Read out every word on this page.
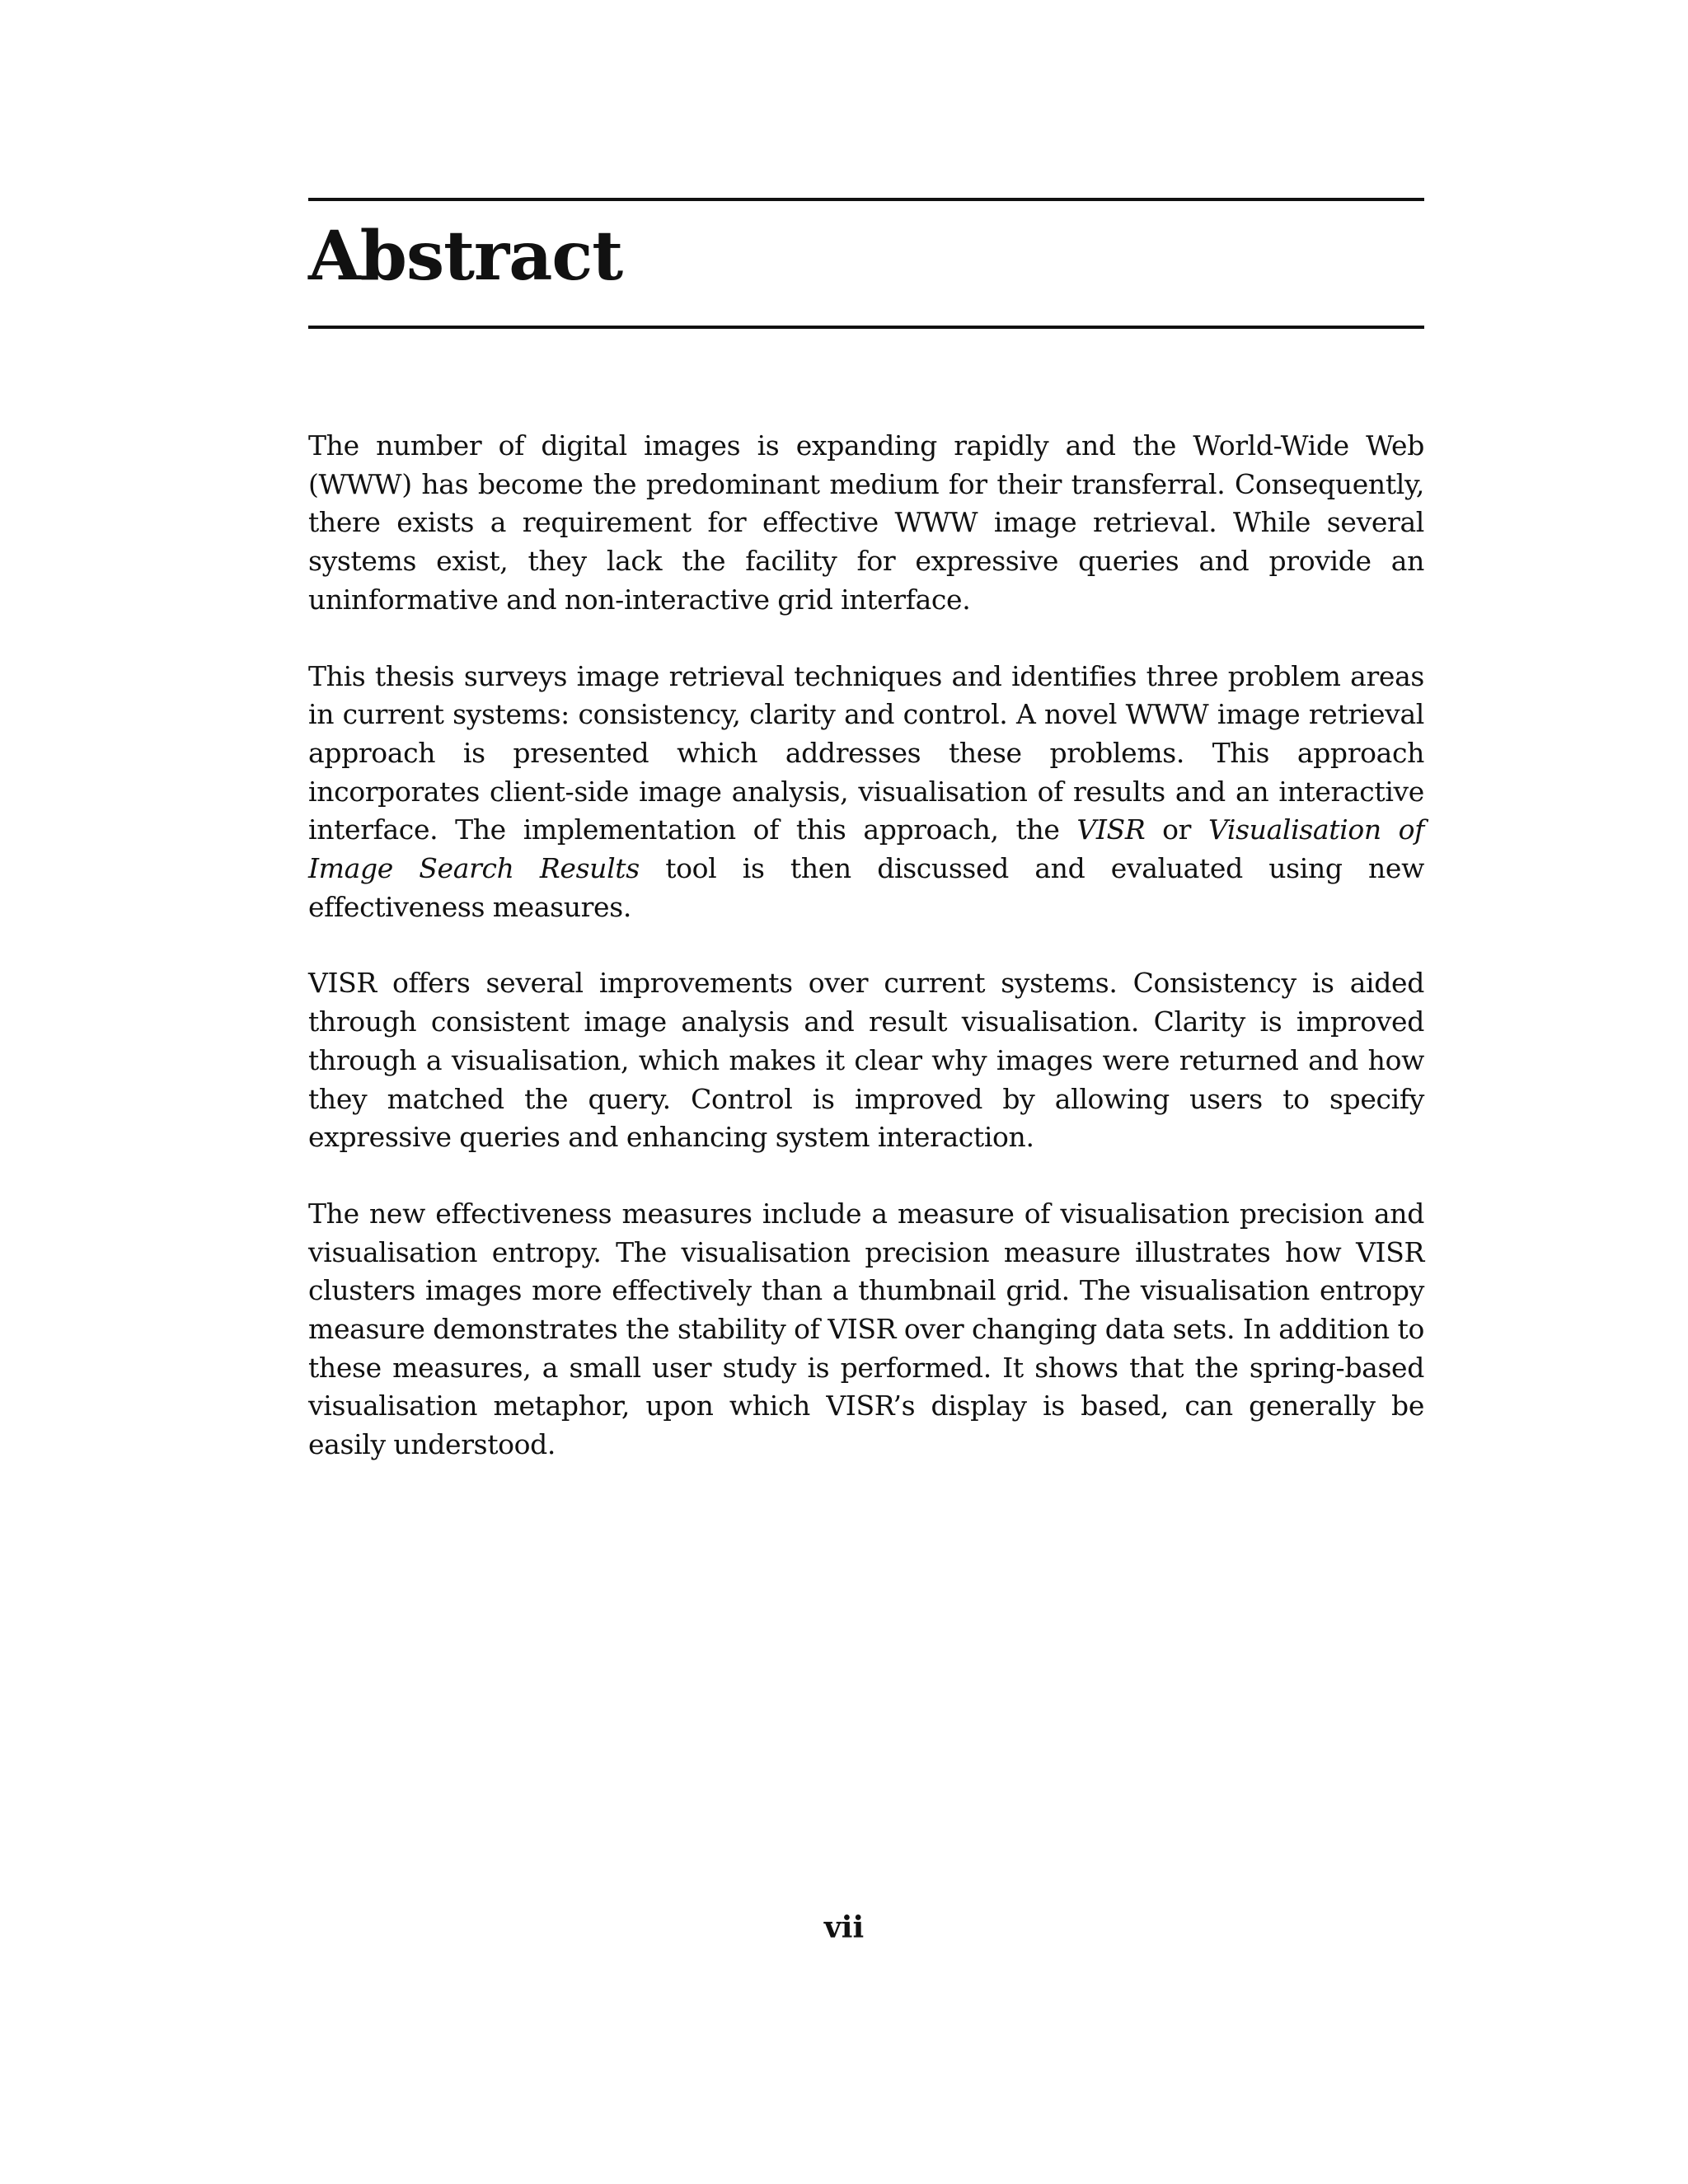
Abstract

The number of digital images is expanding rapidly and the World-Wide Web (WWW) has become the predominant medium for their transferral. Consequently, there exists a requirement for effective WWW image retrieval. While several systems exist, they lack the facility for expressive queries and provide an uninformative and non-interactive grid interface.

This thesis surveys image retrieval techniques and identifies three problem areas in current systems: consistency, clarity and control. A novel WWW image retrieval approach is presented which addresses these problems. This approach incorporates client-side image analysis, visualisation of results and an interactive interface. The implementation of this approach, the VISR or Visualisation of Image Search Results tool is then discussed and evaluated using new effectiveness measures.

VISR offers several improvements over current systems. Consistency is aided through consistent image analysis and result visualisation. Clarity is improved through a visualisation, which makes it clear why images were returned and how they matched the query. Control is improved by allowing users to specify expressive queries and enhancing system interaction.

The new effectiveness measures include a measure of visualisation precision and visualisation entropy. The visualisation precision measure illustrates how VISR clusters images more effectively than a thumbnail grid. The visualisation entropy measure demonstrates the stability of VISR over changing data sets. In addition to these measures, a small user study is performed. It shows that the spring-based visualisation metaphor, upon which VISR’s display is based, can generally be easily understood.

vii
